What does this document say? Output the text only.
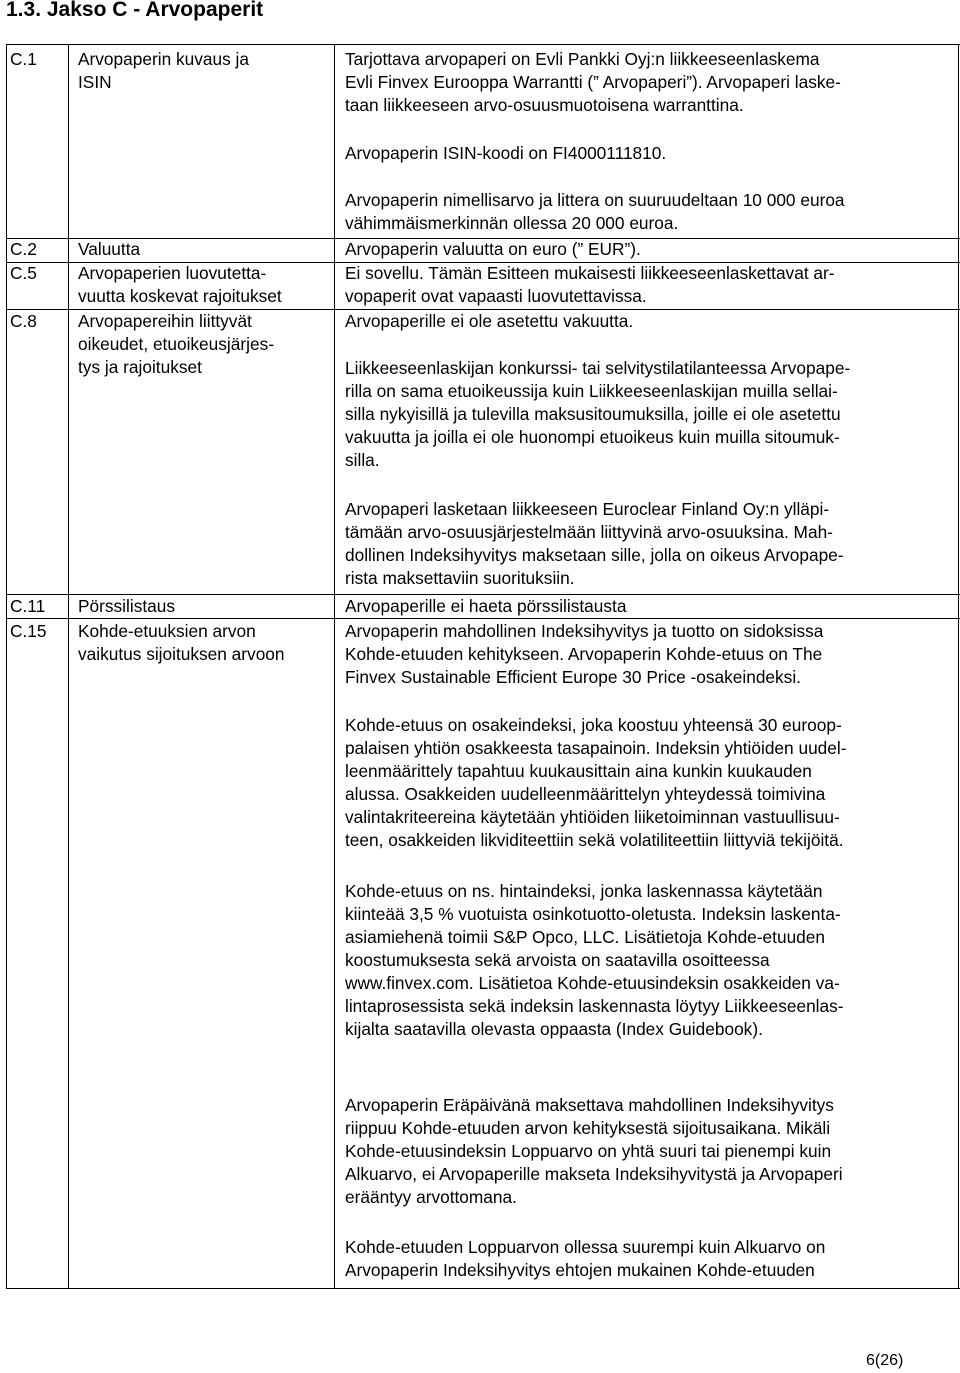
1.3. Jakso C - Arvopaperit
C.1 Arvopaperin kuvaus ja
ISIN
Tarjottava arvopaperi on Evli Pankki Oyj:n liikkeeseenlaskema
Evli Finvex Eurooppa Warrantti (” Arvopaperi”). Arvopaperi laske-
taan liikkeeseen arvo-osuusmuotoisena warranttina.
Arvopaperin ISIN-koodi on FI4000111810.
Arvopaperin nimellisarvo ja littera on suuruudeltaan 10 000 euroa
vähimmäismerkinnän ollessa 20 000 euroa.
C.2 Valuutta	Arvopaperin valuutta on euro (” EUR”).
C.5 Arvopaperien luovutetta-
vuutta koskevat rajoitukset
Ei sovellu. Tämän Esitteen mukaisesti liikkeeseenlaskettavat ar-
vopaperit ovat vapaasti luovutettavissa.
C.8 Arvopapereihin liittyvät
oikeudet, etuoikeusjärjes-
tys ja rajoitukset
Arvopaperille ei ole asetettu vakuutta.
Liikkeeseenlaskijan konkurssi- tai selvitystilatilanteessa Arvopape-
rilla on sama etuoikeussija kuin Liikkeeseenlaskijan muilla sellai-
silla nykyisillä ja tulevilla maksusitoumuksilla, joille ei ole asetettu
vakuutta ja joilla ei ole huonompi etuoikeus kuin muilla sitoumuk-
silla.
Arvopaperi lasketaan liikkeeseen Euroclear Finland Oy:n ylläpi-
tämään arvo-osuusjärjestelmään liittyvinä arvo-osuuksina. Mah-
dollinen Indeksihyvitys maksetaan sille, jolla on oikeus Arvopape-
rista maksettaviin suorituksiin.
C.11 Pörssilistaus	Arvopaperille ei haeta pörssilistausta
C.15 Kohde-etuuksien arvon
vaikutus sijoituksen arvoon
Arvopaperin mahdollinen Indeksihyvitys ja tuotto on sidoksissa
Kohde-etuuden kehitykseen. Arvopaperin Kohde-etuus on The
Finvex Sustainable Efficient Europe 30 Price -osakeindeksi.
Kohde-etuus on osakeindeksi, joka koostuu yhteensä 30 euroop-
palaisen yhtiön osakkeesta tasapainoin. Indeksin yhtiöiden uudel-
leenmäärittely tapahtuu kuukausittain aina kunkin kuukauden
alussa. Osakkeiden uudelleenmäärittelyn yhteydessä toimivina
valintakriteereina käytetään yhtiöiden liiketoiminnan vastuullisuu-
teen, osakkeiden likviditeettiin sekä volatiliteettiin liittyviä tekijöitä.
Kohde-etuus on ns. hintaindeksi, jonka laskennassa käytetään
kiinteää 3,5 % vuotuista osinkotuotto-oletusta. Indeksin laskenta-
asiamiehenä toimii S&P Opco, LLC. Lisätietoja Kohde-etuuden
koostumuksesta sekä arvoista on saatavilla osoitteessa
www.finvex.com. Lisätietoa Kohde-etuusindeksin osakkeiden va-
lintaprosessista sekä indeksin laskennasta löytyy Liikkeeseenlas-
kijalta saatavilla olevasta oppaasta (Index Guidebook).
Arvopaperin Eräpäivänä maksettava mahdollinen Indeksihyvitys
riippuu Kohde-etuuden arvon kehityksestä sijoitusaikana. Mikäli
Kohde-etuusindeksin Loppuarvo on yhtä suuri tai pienempi kuin
Alkuarvo, ei Arvopaperille makseta Indeksihyvitystä ja Arvopaperi
erääntyy arvottomana.
Kohde-etuuden Loppuarvon ollessa suurempi kuin Alkuarvo on
Arvopaperin Indeksihyvitys ehtojen mukainen Kohde-etuuden
6(26)
